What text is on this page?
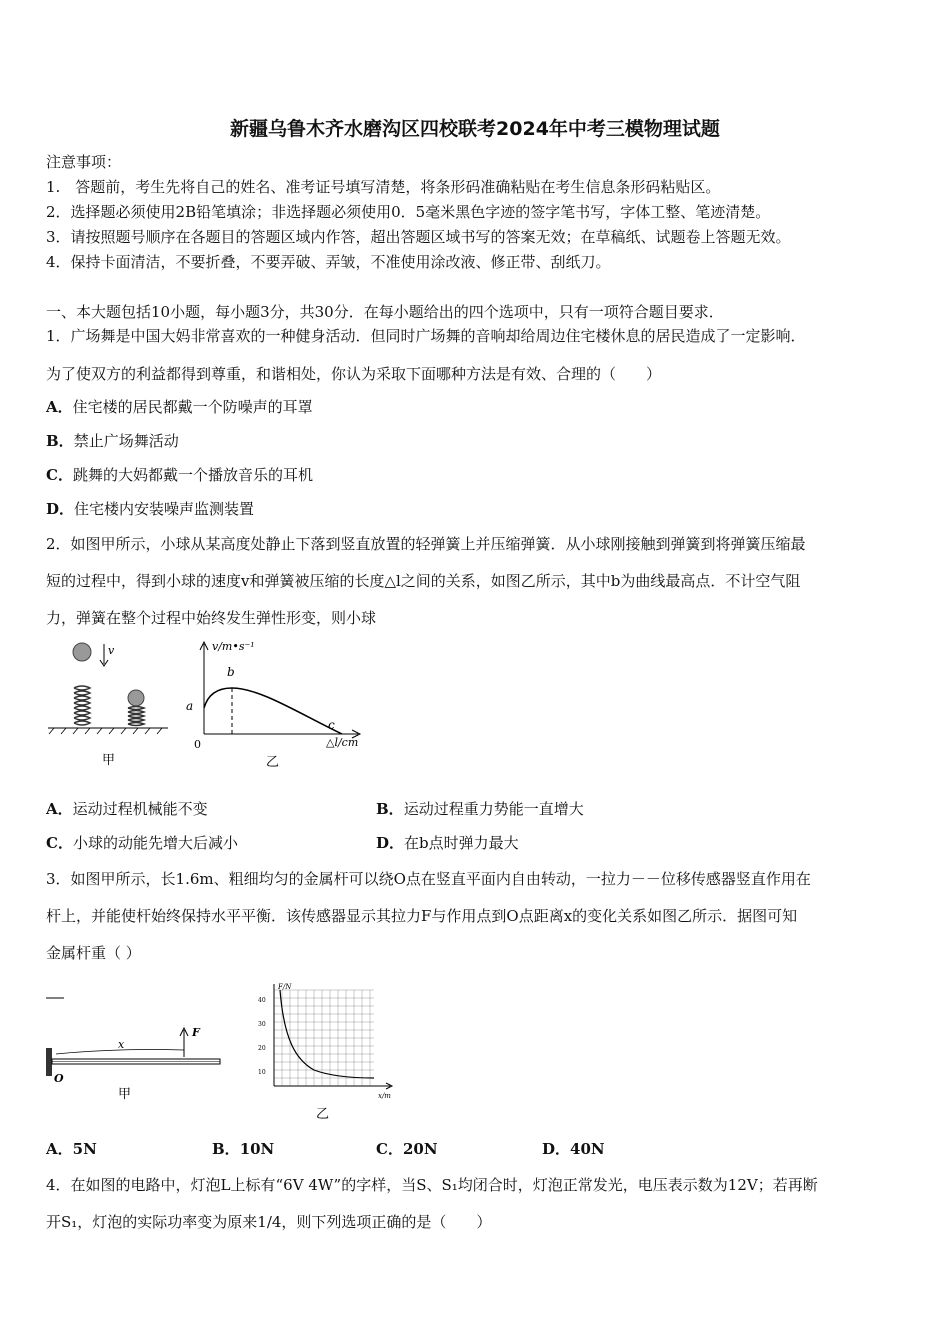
新疆乌鲁木齐水磨沟区四校联考2024年中考三模物理试题
注意事项：
1.　答题前，考生先将自己的姓名、准考证号填写清楚，将条形码准确粘贴在考生信息条形码粘贴区。
2．选择题必须使用2B铅笔填涂；非选择题必须使用0．5毫米黑色字迹的签字笔书写，字体工整、笔迹清楚。
3．请按照题号顺序在各题目的答题区域内作答，超出答题区域书写的答案无效；在草稿纸、试题卷上答题无效。
4．保持卡面清洁，不要折叠，不要弄破、弄皱，不准使用涂改液、修正带、刮纸刀。
一、本大题包括10小题，每小题3分，共30分．在每小题给出的四个选项中，只有一项符合题目要求．
1．广场舞是中国大妈非常喜欢的一种健身活动．但同时广场舞的音响却给周边住宅楼休息的居民造成了一定影响．
为了使双方的利益都得到尊重，和谐相处，你认为采取下面哪种方法是有效、合理的（　　）
A．住宅楼的居民都戴一个防噪声的耳罩
B．禁止广场舞活动
C．跳舞的大妈都戴一个播放音乐的耳机
D．住宅楼内安装噪声监测装置
2．如图甲所示，小球从某高度处静止下落到竖直放置的轻弹簧上并压缩弹簧．从小球刚接触到弹簧到将弹簧压缩最
短的过程中，得到小球的速度v和弹簧被压缩的长度△l之间的关系，如图乙所示，其中b为曲线最高点．不计空气阻
力，弹簧在整个过程中始终发生弹性形变，则小球
v
甲
v/m•s⁻¹
△l/cm
0
a
b
c
乙
A．运动过程机械能不变	B．运动过程重力势能一直增大
C．小球的动能先增大后减小	D．在b点时弹力最大
3．如图甲所示，长1.6m、粗细均匀的金属杆可以绕O点在竖直平面内自由转动，一拉力－－位移传感器竖直作用在
杆上，并能使杆始终保持水平平衡．该传感器显示其拉力F与作用点到O点距离x的变化关系如图乙所示．据图可知
金属杆重（ ）
F
x
O
甲
F/N
x/m
40
30
20
10
乙
A．5N	B．10N	C．20N	D．40N
4．在如图的电路中，灯泡L上标有“6V 4W”的字样，当S、S₁均闭合时，灯泡正常发光，电压表示数为12V；若再断
开S₁，灯泡的实际功率变为原来1/4，则下列选项正确的是（　　）
